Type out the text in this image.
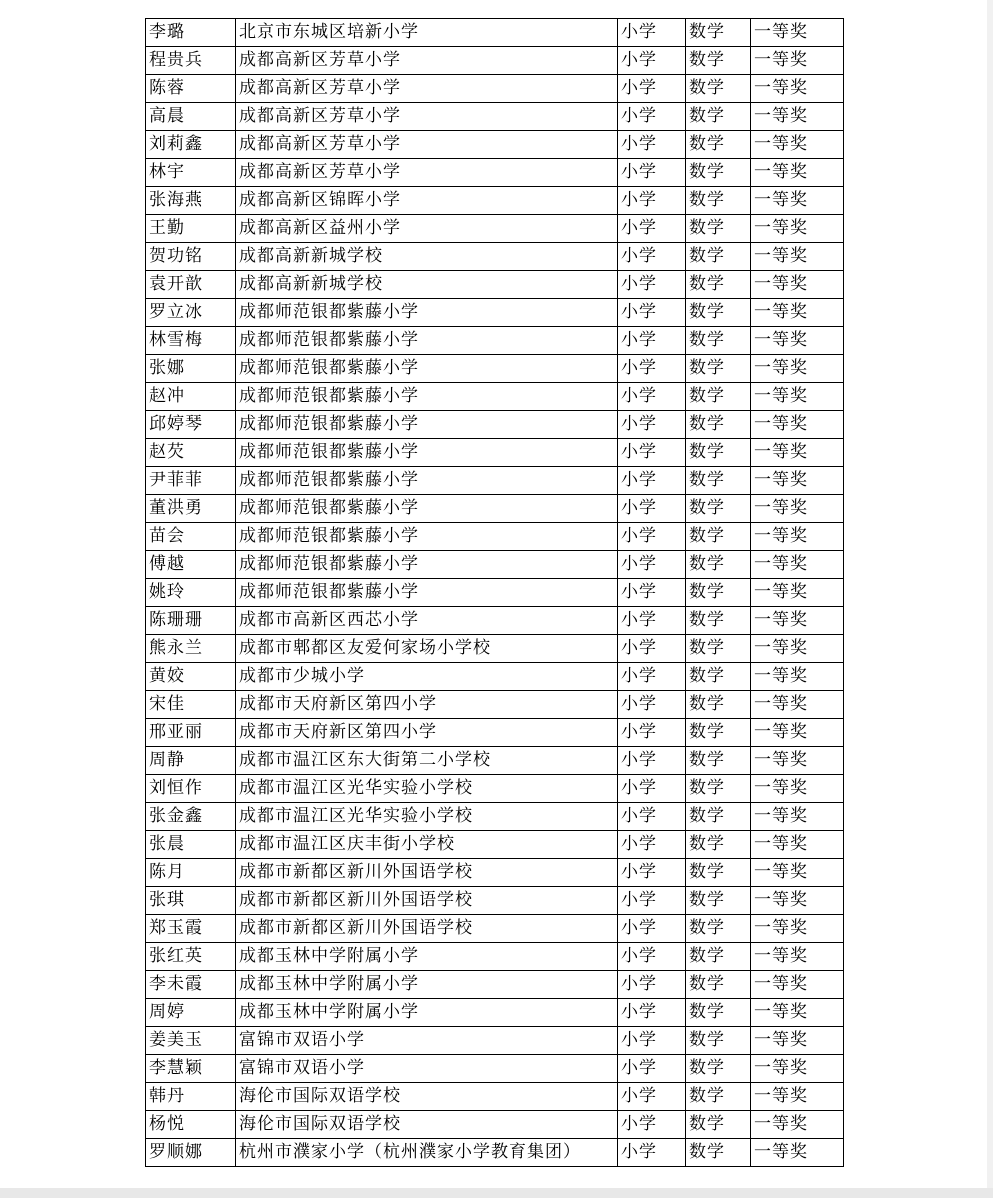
李璐	北京市东城区培新小学	小学	数学	一等奖
程贵兵	成都高新区芳草小学	小学	数学	一等奖
陈蓉	成都高新区芳草小学	小学	数学	一等奖
高晨	成都高新区芳草小学	小学	数学	一等奖
刘莉鑫	成都高新区芳草小学	小学	数学	一等奖
林宇	成都高新区芳草小学	小学	数学	一等奖
张海燕	成都高新区锦晖小学	小学	数学	一等奖
王勤	成都高新区益州小学	小学	数学	一等奖
贺功铭	成都高新新城学校	小学	数学	一等奖
袁开歆	成都高新新城学校	小学	数学	一等奖
罗立冰	成都师范银都紫藤小学	小学	数学	一等奖
林雪梅	成都师范银都紫藤小学	小学	数学	一等奖
张娜	成都师范银都紫藤小学	小学	数学	一等奖
赵冲	成都师范银都紫藤小学	小学	数学	一等奖
邱婷琴	成都师范银都紫藤小学	小学	数学	一等奖
赵芡	成都师范银都紫藤小学	小学	数学	一等奖
尹菲菲	成都师范银都紫藤小学	小学	数学	一等奖
董洪勇	成都师范银都紫藤小学	小学	数学	一等奖
苗会	成都师范银都紫藤小学	小学	数学	一等奖
傅越	成都师范银都紫藤小学	小学	数学	一等奖
姚玲	成都师范银都紫藤小学	小学	数学	一等奖
陈珊珊	成都市高新区西芯小学	小学	数学	一等奖
熊永兰	成都市郫都区友爱何家场小学校	小学	数学	一等奖
黄姣	成都市少城小学	小学	数学	一等奖
宋佳	成都市天府新区第四小学	小学	数学	一等奖
邢亚丽	成都市天府新区第四小学	小学	数学	一等奖
周静	成都市温江区东大街第二小学校	小学	数学	一等奖
刘恒作	成都市温江区光华实验小学校	小学	数学	一等奖
张金鑫	成都市温江区光华实验小学校	小学	数学	一等奖
张晨	成都市温江区庆丰街小学校	小学	数学	一等奖
陈月	成都市新都区新川外国语学校	小学	数学	一等奖
张琪	成都市新都区新川外国语学校	小学	数学	一等奖
郑玉霞	成都市新都区新川外国语学校	小学	数学	一等奖
张红英	成都玉林中学附属小学	小学	数学	一等奖
李未霞	成都玉林中学附属小学	小学	数学	一等奖
周婷	成都玉林中学附属小学	小学	数学	一等奖
姜美玉	富锦市双语小学	小学	数学	一等奖
李慧颖	富锦市双语小学	小学	数学	一等奖
韩丹	海伦市国际双语学校	小学	数学	一等奖
杨悦	海伦市国际双语学校	小学	数学	一等奖
罗顺娜	杭州市濮家小学（杭州濮家小学教育集团）	小学	数学	一等奖
